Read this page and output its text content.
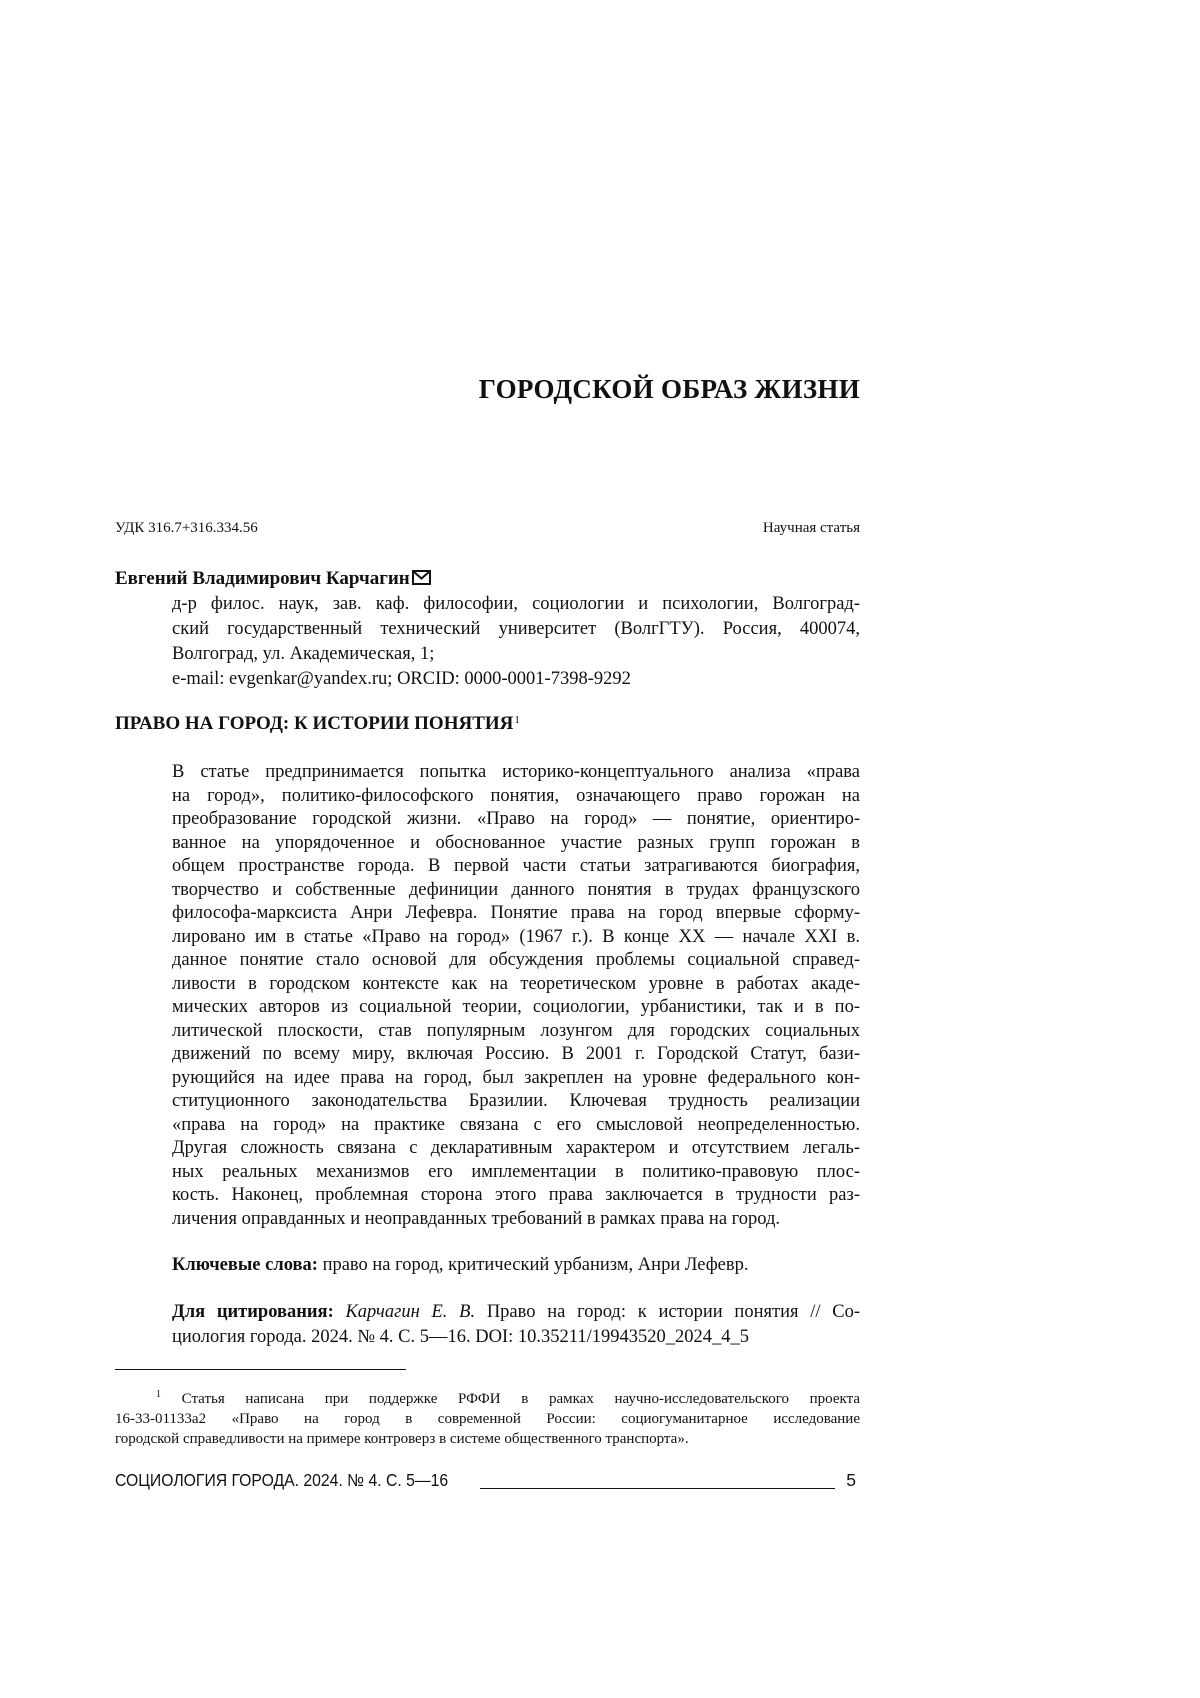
ГОРОДСКОЙ ОБРАЗ ЖИЗНИ
УДК 316.7+316.334.56	Научная статья
Евгений Владимирович Карчагин
д-р филос. наук, зав. каф. философии, социологии и психологии, Волгоград-
ский государственный технический университет (ВолгГТУ). Россия, 400074,
Волгоград, ул. Академическая, 1;
e-mail: evgenkar@yandex.ru; ORCID: 0000-0001-7398-9292
ПРАВО НА ГОРОД: К ИСТОРИИ ПОНЯТИЯ1
В статье предпринимается попытка историко-концептуального анализа «права
на город», политико-философского понятия, означающего право горожан на
преобразование городской жизни. «Право на город» — понятие, ориентиро-
ванное на упорядоченное и обоснованное участие разных групп горожан в
общем пространстве города. В первой части статьи затрагиваются биография,
творчество и собственные дефиниции данного понятия в трудах французского
философа-марксиста Анри Лефевра. Понятие права на город впервые сформу-
лировано им в статье «Право на город» (1967 г.). В конце XX — начале XXI в.
данное понятие стало основой для обсуждения проблемы социальной справед-
ливости в городском контексте как на теоретическом уровне в работах акаде-
мических авторов из социальной теории, социологии, урбанистики, так и в по-
литической плоскости, став популярным лозунгом для городских социальных
движений по всему миру, включая Россию. В 2001 г. Городской Статут, бази-
рующийся на идее права на город, был закреплен на уровне федерального кон-
ституционного законодательства Бразилии. Ключевая трудность реализации
«права на город» на практике связана с его смысловой неопределенностью.
Другая сложность связана с декларативным характером и отсутствием легаль-
ных реальных механизмов его имплементации в политико-правовую плос-
кость. Наконец, проблемная сторона этого права заключается в трудности раз-
личения оправданных и неоправданных требований в рамках права на город.
Ключевые слова: право на город, критический урбанизм, Анри Лефевр.
Для цитирования: Карчагин Е. В. Право на город: к истории понятия // Со-
циология города. 2024. № 4. С. 5—16. DOI: 10.35211/19943520_2024_4_5
1 Статья написана при поддержке РФФИ в рамках научно-исследовательского проекта
16-33-01133а2 «Право на город в современной России: социогуманитарное исследование
городской справедливости на примере контроверз в системе общественного транспорта».
СОЦИОЛОГИЯ ГОРОДА. 2024. № 4. С. 5—16	5
